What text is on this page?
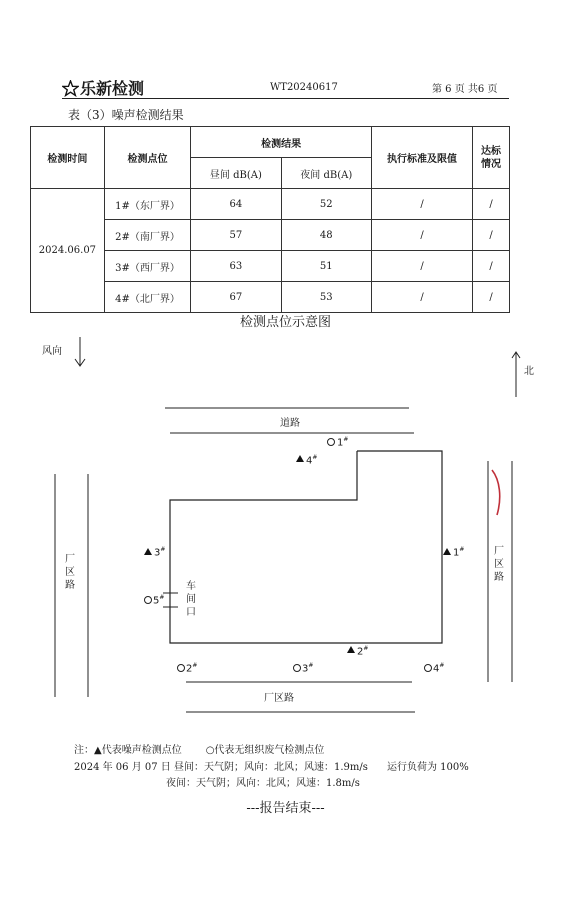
乐新检测	WT20240617	第 6 页 共6 页
表（3）噪声检测结果
检测时间	检测点位	检测结果		执行标准及限值	达标情况
		昼间 dB(A)	夜间 dB(A)		
2024.06.07	1#（东厂界）	64	52	/	/
	2#（南厂界）	57	48	/	/
	3#（西厂界）	63	51	/	/
	4#（北厂界）	67	53	/	/
检测点位示意图
风向
北
道路
厂区路
厂区路
厂区路
车间口
1#
4#
3#	1#
5#
2#
2#	3#	4#
注：▲代表噪声检测点位 ○代表无组织废气检测点位
2024 年 06 月 07 日 昼间：天气阴；风向：北风；风速：1.9m/s 运行负荷为 100%
夜间：天气阴；风向：北风；风速：1.8m/s
---报告结束---
